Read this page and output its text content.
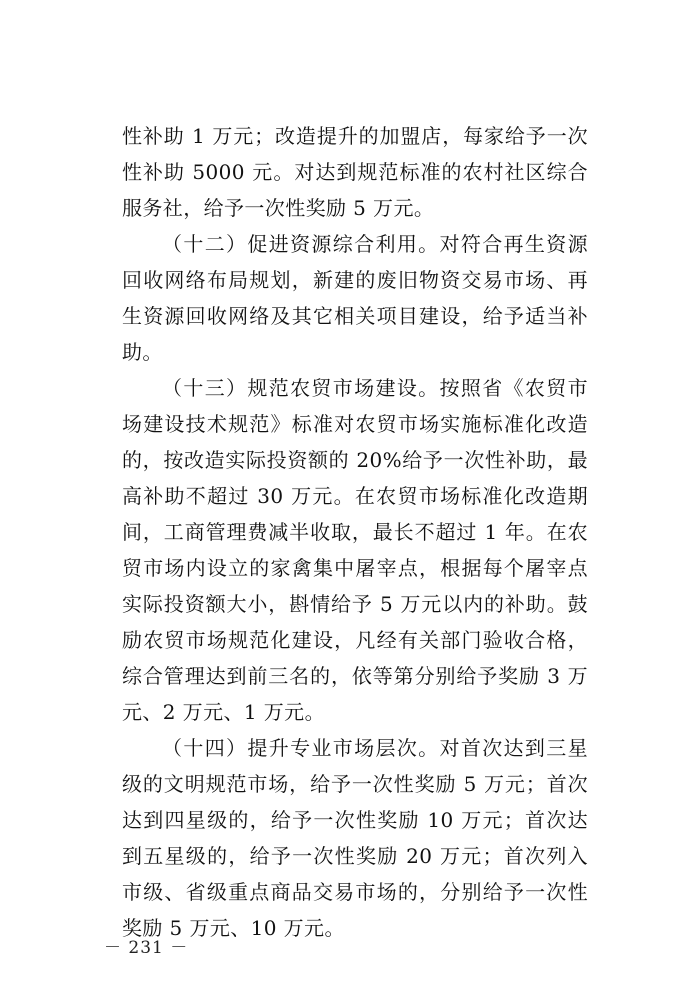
性补助 1 万元；改造提升的加盟店，每家给予一次性补助 5000 元。对达到规范标准的农村社区综合服务社，给予一次性奖励 5 万元。

（十二）促进资源综合利用。对符合再生资源回收网络布局规划，新建的废旧物资交易市场、再生资源回收网络及其它相关项目建设，给予适当补助。

（十三）规范农贸市场建设。按照省《农贸市场建设技术规范》标准对农贸市场实施标准化改造的，按改造实际投资额的 20%给予一次性补助，最高补助不超过 30 万元。在农贸市场标准化改造期间，工商管理费减半收取，最长不超过 1 年。在农贸市场内设立的家禽集中屠宰点，根据每个屠宰点实际投资额大小，斟情给予 5 万元以内的补助。鼓励农贸市场规范化建设，凡经有关部门验收合格，综合管理达到前三名的，依等第分别给予奖励 3 万元、2 万元、1 万元。

（十四）提升专业市场层次。对首次达到三星级的文明规范市场，给予一次性奖励 5 万元；首次达到四星级的，给予一次性奖励 10 万元；首次达到五星级的，给予一次性奖励 20 万元；首次列入市级、省级重点商品交易市场的，分别给予一次性奖励 5 万元、10 万元。

－ 231 －
